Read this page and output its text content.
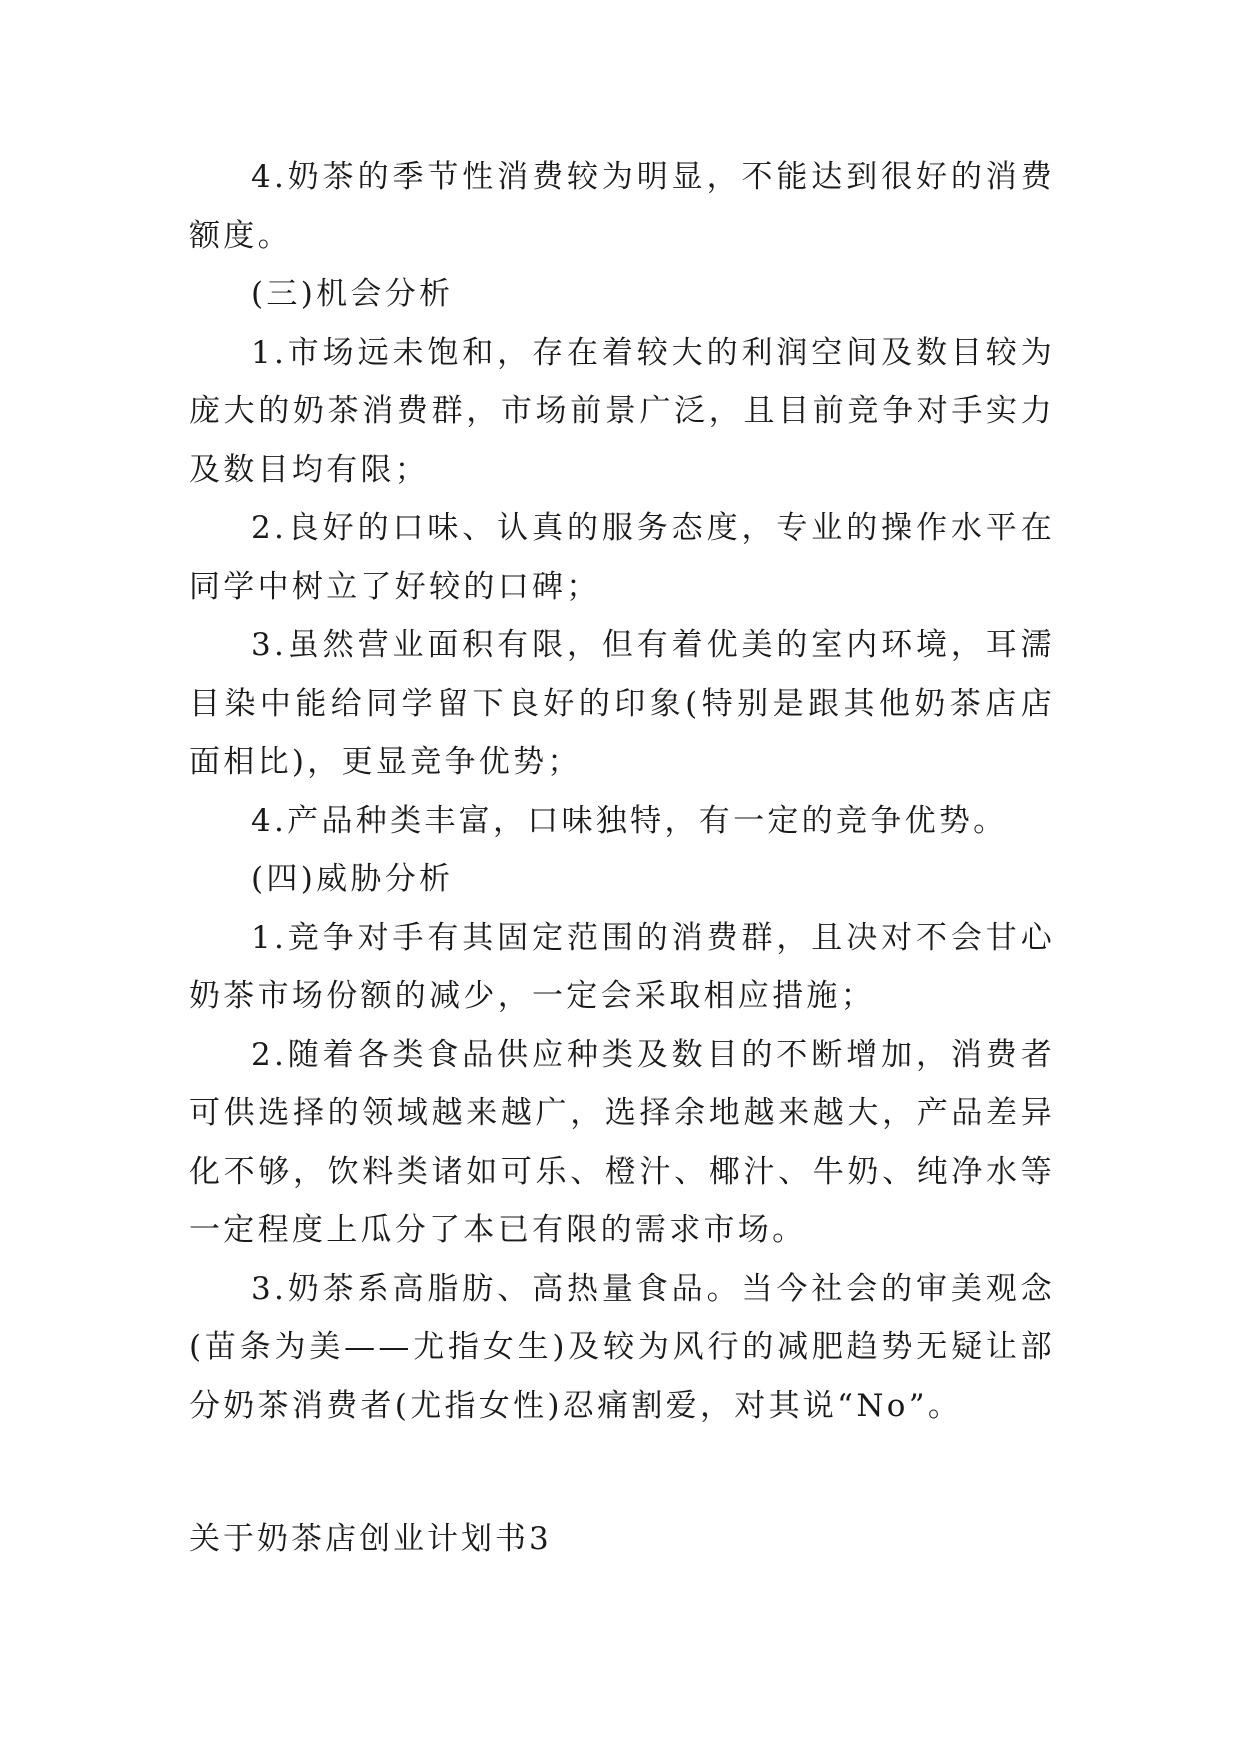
4.奶茶的季节性消费较为明显，不能达到很好的消费额度。

(三)机会分析

1.市场远未饱和，存在着较大的利润空间及数目较为庞大的奶茶消费群，市场前景广泛，且目前竞争对手实力及数目均有限；

2.良好的口味、认真的服务态度，专业的操作水平在同学中树立了好较的口碑；

3.虽然营业面积有限，但有着优美的室内环境，耳濡目染中能给同学留下良好的印象(特别是跟其他奶茶店店面相比)，更显竞争优势；

4.产品种类丰富，口味独特，有一定的竞争优势。

(四)威胁分析

1.竞争对手有其固定范围的消费群，且决对不会甘心奶茶市场份额的减少，一定会采取相应措施；

2.随着各类食品供应种类及数目的不断增加，消费者可供选择的领域越来越广，选择余地越来越大，产品差异化不够，饮料类诸如可乐、橙汁、椰汁、牛奶、纯净水等一定程度上瓜分了本已有限的需求市场。

3.奶茶系高脂肪、高热量食品。当今社会的审美观念(苗条为美——尤指女生)及较为风行的减肥趋势无疑让部分奶茶消费者(尤指女性)忍痛割爱，对其说“No”。

关于奶茶店创业计划书3
